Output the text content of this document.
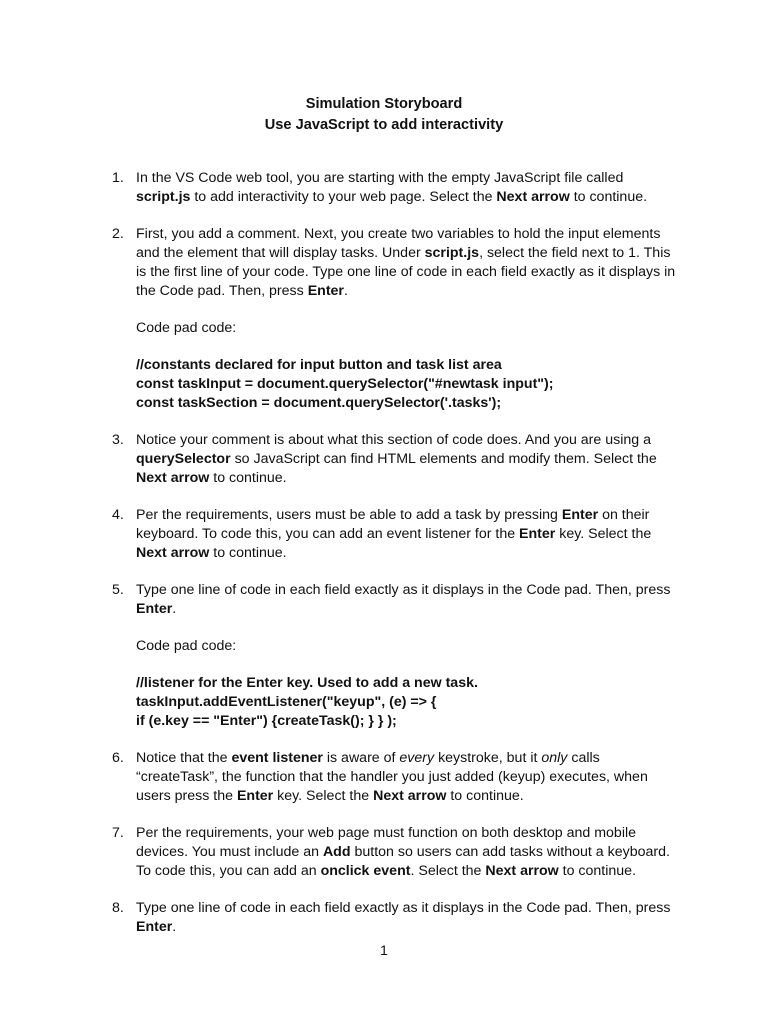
Simulation Storyboard
Use JavaScript to add interactivity
1. In the VS Code web tool, you are starting with the empty JavaScript file called script.js to add interactivity to your web page. Select the Next arrow to continue.
2. First, you add a comment. Next, you create two variables to hold the input elements and the element that will display tasks. Under script.js, select the field next to 1. This is the first line of your code. Type one line of code in each field exactly as it displays in the Code pad. Then, press Enter.
Code pad code:
//constants declared for input button and task list area
const taskInput = document.querySelector("#newtask input");
const taskSection = document.querySelector('.tasks');
3. Notice your comment is about what this section of code does. And you are using a querySelector so JavaScript can find HTML elements and modify them. Select the Next arrow to continue.
4. Per the requirements, users must be able to add a task by pressing Enter on their keyboard. To code this, you can add an event listener for the Enter key. Select the Next arrow to continue.
5. Type one line of code in each field exactly as it displays in the Code pad. Then, press Enter.
Code pad code:
//listener for the Enter key. Used to add a new task.
taskInput.addEventListener("keyup", (e) => {
if (e.key == "Enter") {createTask(); } } );
6. Notice that the event listener is aware of every keystroke, but it only calls “createTask”, the function that the handler you just added (keyup) executes, when users press the Enter key. Select the Next arrow to continue.
7. Per the requirements, your web page must function on both desktop and mobile devices. You must include an Add button so users can add tasks without a keyboard. To code this, you can add an onclick event. Select the Next arrow to continue.
8. Type one line of code in each field exactly as it displays in the Code pad. Then, press Enter.
1
